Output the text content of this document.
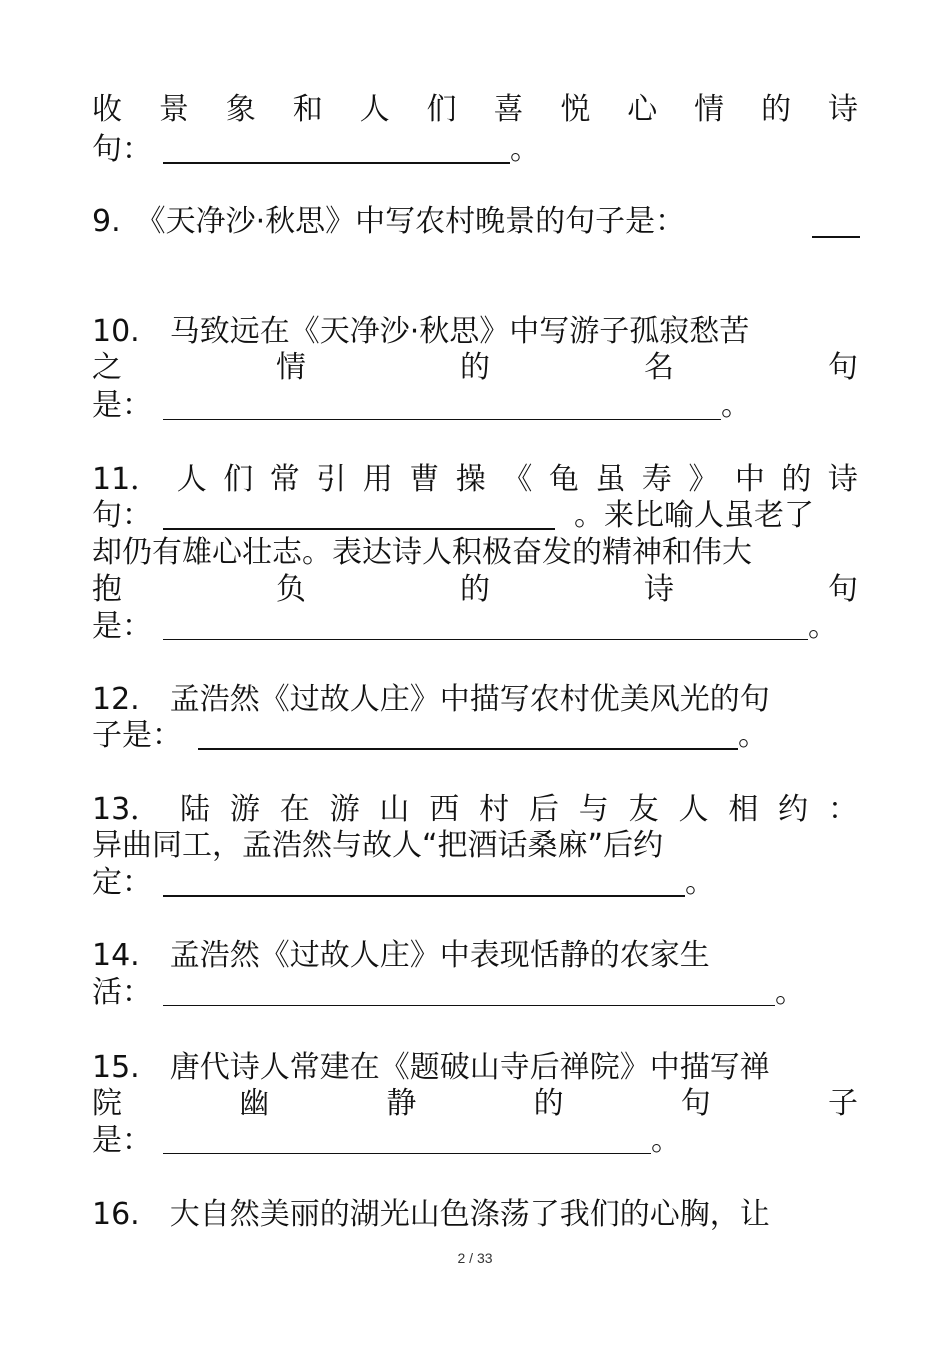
收 景 象 和 人 们 喜 悦 心 情 的 诗
句：	。
9.　《天净沙·秋思》中写农村晚景的句子是：
10.　马致远在《天净沙·秋思》中写游子孤寂愁苦
之	情	的	名	句
是：	。
11． 人 们 常 引 用 曹 操 《 龟 虽 寿 》 中 的 诗
句：	。来比喻人虽老了
却仍有雄心壮志。表达诗人积极奋发的精神和伟大
抱	负	的	诗	句
是：	。
12.　孟浩然《过故人庄》中描写农村优美风光的句
子是：	。
13． 陆 游 在 游 山 西 村 后 与 友 人 相 约 ：
异曲同工，孟浩然与故人“把酒话桑麻”后约
定：	。
14.　孟浩然《过故人庄》中表现恬静的农家生
活：	。
15.　唐代诗人常建在《题破山寺后禅院》中描写禅
院	幽	静	的	句	子
是：	。
16.　大自然美丽的湖光山色涤荡了我们的心胸，让
2 / 33
